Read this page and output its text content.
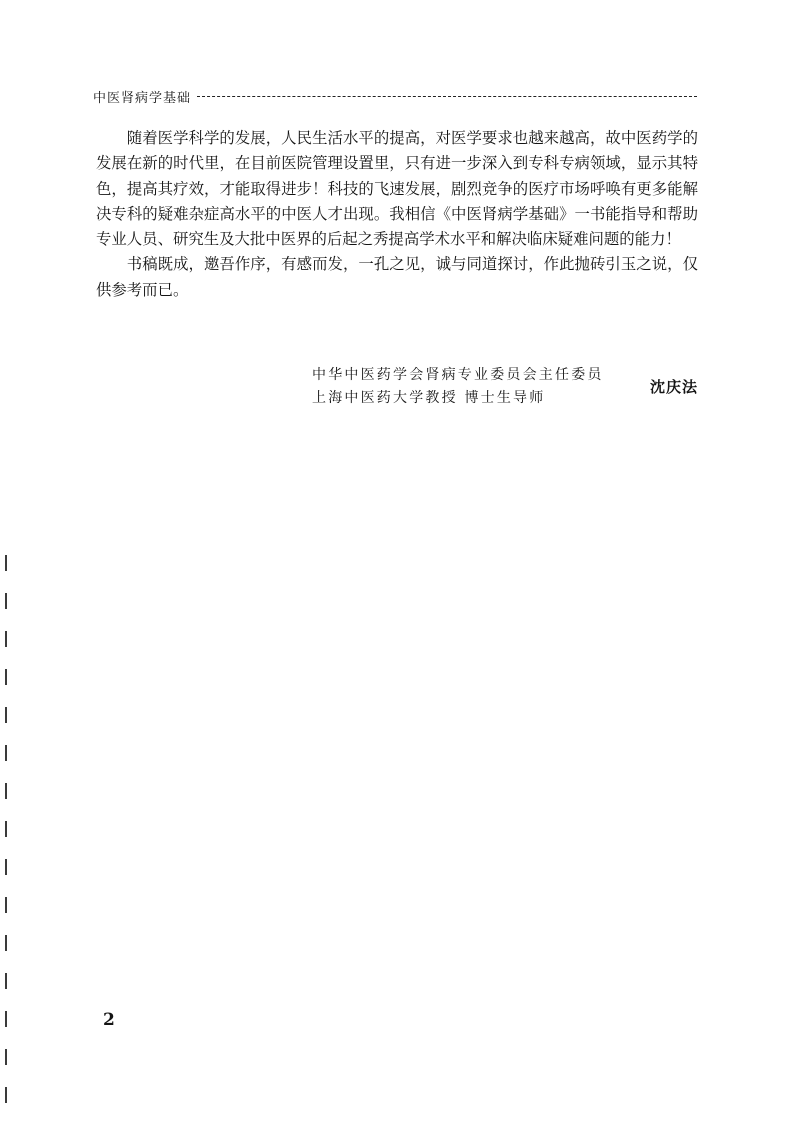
中医肾病学基础

随着医学科学的发展，人民生活水平的提高，对医学要求也越来越高，故中医药学的发展在新的时代里，在目前医院管理设置里，只有进一步深入到专科专病领域，显示其特色，提高其疗效，才能取得进步！科技的飞速发展，剧烈竞争的医疗市场呼唤有更多能解决专科的疑难杂症高水平的中医人才出现。我相信《中医肾病学基础》一书能指导和帮助专业人员、研究生及大批中医界的后起之秀提高学术水平和解决临床疑难问题的能力！

书稿既成，邀吾作序，有感而发，一孔之见，诚与同道探讨，作此抛砖引玉之说，仅供参考而已。

中华中医药学会肾病专业委员会主任委员
上海中医药大学教授 博士生导师
沈庆法
2
